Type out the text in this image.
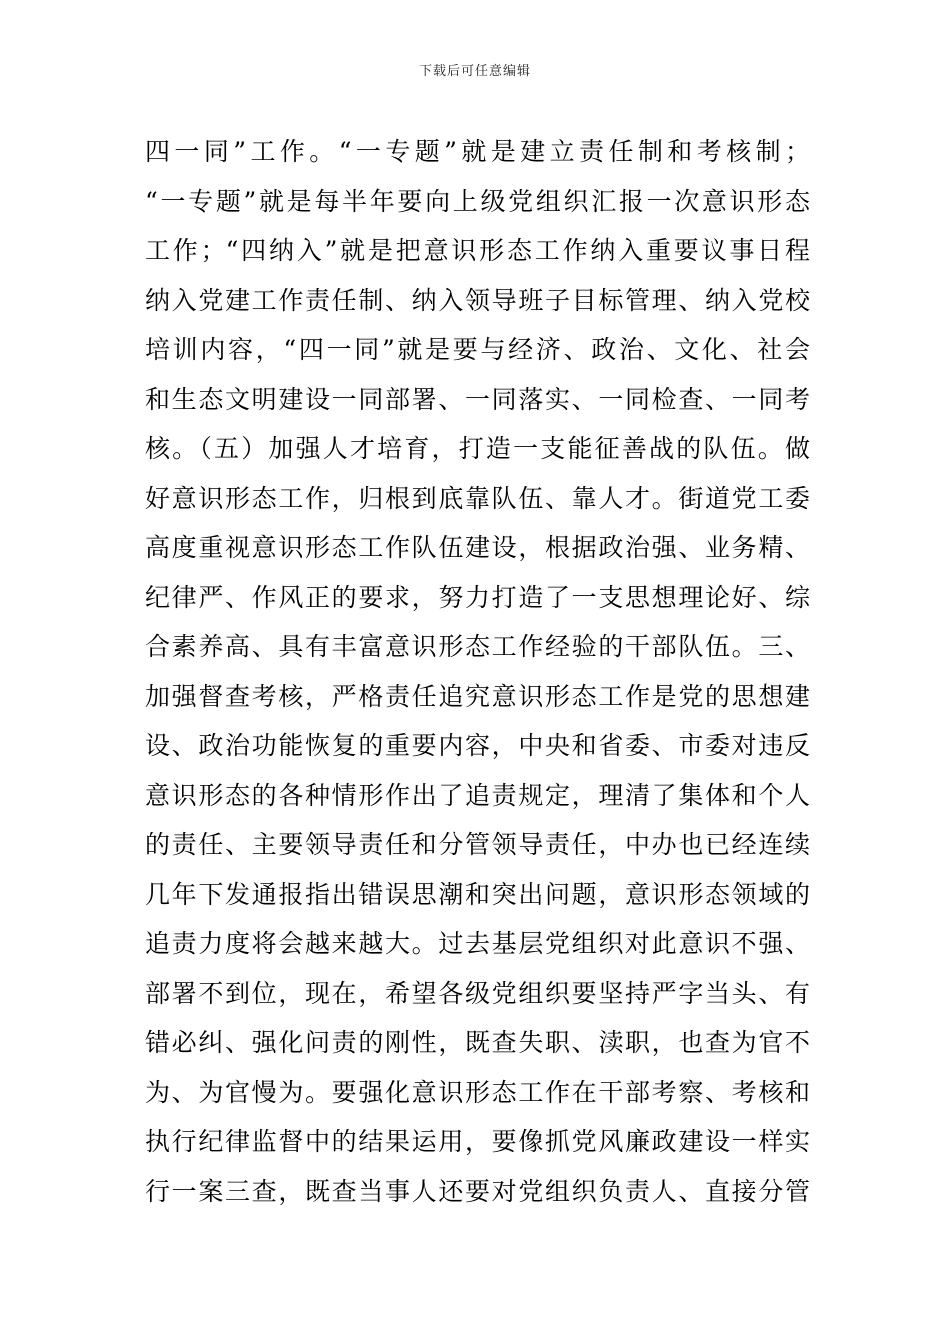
下载后可任意编辑
四一同”工作。“一专题”就是建立责任制和考核制；
“一专题”就是每半年要向上级党组织汇报一次意识形态
工作；“四纳入”就是把意识形态工作纳入重要议事日程
纳入党建工作责任制、纳入领导班子目标管理、纳入党校
培训内容，“四一同”就是要与经济、政治、文化、社会
和生态文明建设一同部署、一同落实、一同检查、一同考
核。（五）加强人才培育，打造一支能征善战的队伍。做
好意识形态工作，归根到底靠队伍、靠人才。街道党工委
高度重视意识形态工作队伍建设，根据政治强、业务精、
纪律严、作风正的要求，努力打造了一支思想理论好、综
合素养高、具有丰富意识形态工作经验的干部队伍。三、
加强督查考核，严格责任追究意识形态工作是党的思想建
设、政治功能恢复的重要内容，中央和省委、市委对违反
意识形态的各种情形作出了追责规定，理清了集体和个人
的责任、主要领导责任和分管领导责任，中办也已经连续
几年下发通报指出错误思潮和突出问题，意识形态领域的
追责力度将会越来越大。过去基层党组织对此意识不强、
部署不到位，现在，希望各级党组织要坚持严字当头、有
错必纠、强化问责的刚性，既查失职、渎职，也查为官不
为、为官慢为。要强化意识形态工作在干部考察、考核和
执行纪律监督中的结果运用，要像抓党风廉政建设一样实
行一案三查，既查当事人还要对党组织负责人、直接分管
